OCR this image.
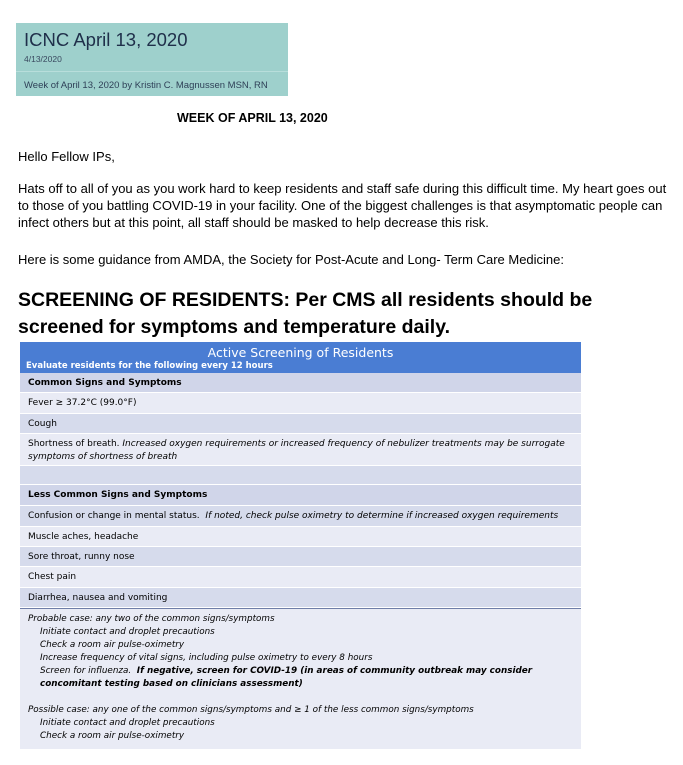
ICNC April 13, 2020
4/13/2020
Week of April 13, 2020 by Kristin C. Magnussen MSN, RN
WEEK OF APRIL 13, 2020
Hello Fellow IPs,
Hats off to all of you as you work hard to keep residents and staff safe during this difficult time. My heart goes out to those of you battling COVID-19 in your facility. One of the biggest challenges is that asymptomatic people can infect others but at this point, all staff should be masked to help decrease this risk.
Here is some guidance from AMDA, the Society for Post-Acute and Long- Term Care Medicine:
SCREENING OF RESIDENTS: Per CMS all residents should be screened for symptoms and temperature daily.
Active Screening of Residents
Evaluate residents for the following every 12 hours
Common Signs and Symptoms
Fever ≥ 37.2°C (99.0°F)
Cough
Shortness of breath. Increased oxygen requirements or increased frequency of nebulizer treatments may be surrogate symptoms of shortness of breath
Less Common Signs and Symptoms
Confusion or change in mental status. If noted, check pulse oximetry to determine if increased oxygen requirements
Muscle aches, headache
Sore throat, runny nose
Chest pain
Diarrhea, nausea and vomiting
Probable case: any two of the common signs/symptoms
Initiate contact and droplet precautions
Check a room air pulse-oximetry
Increase frequency of vital signs, including pulse oximetry to every 8 hours
Screen for influenza. If negative, screen for COVID-19 (in areas of community outbreak may consider concomitant testing based on clinicians assessment)
Possible case: any one of the common signs/symptoms and ≥ 1 of the less common signs/symptoms
Initiate contact and droplet precautions
Check a room air pulse-oximetry
